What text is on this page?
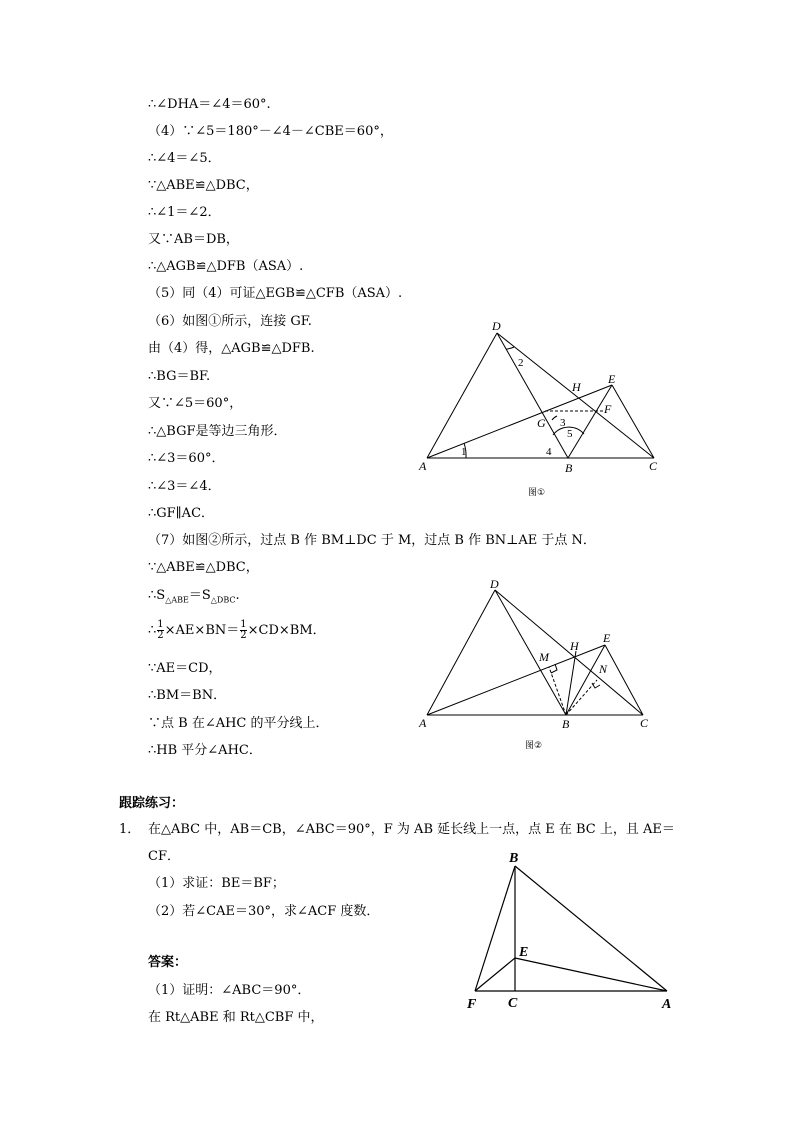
∴∠DHA＝∠4＝60°.
（4）∵∠5＝180°－∠4－∠CBE＝60°，
∴∠4＝∠5．
∵△ABE≌△DBC，
∴∠1＝∠2．
又∵AB＝DB，
∴△AGB≌△DFB（ASA）.
（5）同（4）可证△EGB≌△CFB（ASA）.
（6）如图①所示，连接 GF.
由（4）得，△AGB≌△DFB.
∴BG＝BF.
又∵∠5＝60°，
∴△BGF是等边三角形．
∴∠3＝60°．
∴∠3＝∠4．
∴GF∥AC．
（7）如图②所示，过点 B 作 BM⊥DC 于 M，过点 B 作 BN⊥AE 于点 N．
∵△ABE≌△DBC，
$\therefore S_{\triangle ABE}=S_{\triangle DBC}$.
∴ $\frac{1}{2} \times AE\times BN= \frac{1}{2} \times CD\times BM$．
∵AE＝CD，
∴BM＝BN．
∵点 B 在∠AHC 的平分线上．
∴HB 平分∠AHC．
跟踪练习：
1． 在△ABC 中，AB＝CB，∠ABC＝90°，F 为 AB 延长线上一点，点 E 在 BC 上，且 AE＝
CF．
（1）求证：BE＝BF；
（2）若∠CAE＝30°，求∠ACF 度数．
答案：
（1）证明：∠ABC＝90°．
在 Rt△ABE 和 Rt△CBF 中，
D
E
H
F
G
A	B	C
1
2
3
4
5
图①
D
E
H
M
N
A	B	C
图②
B
E
F C	A
